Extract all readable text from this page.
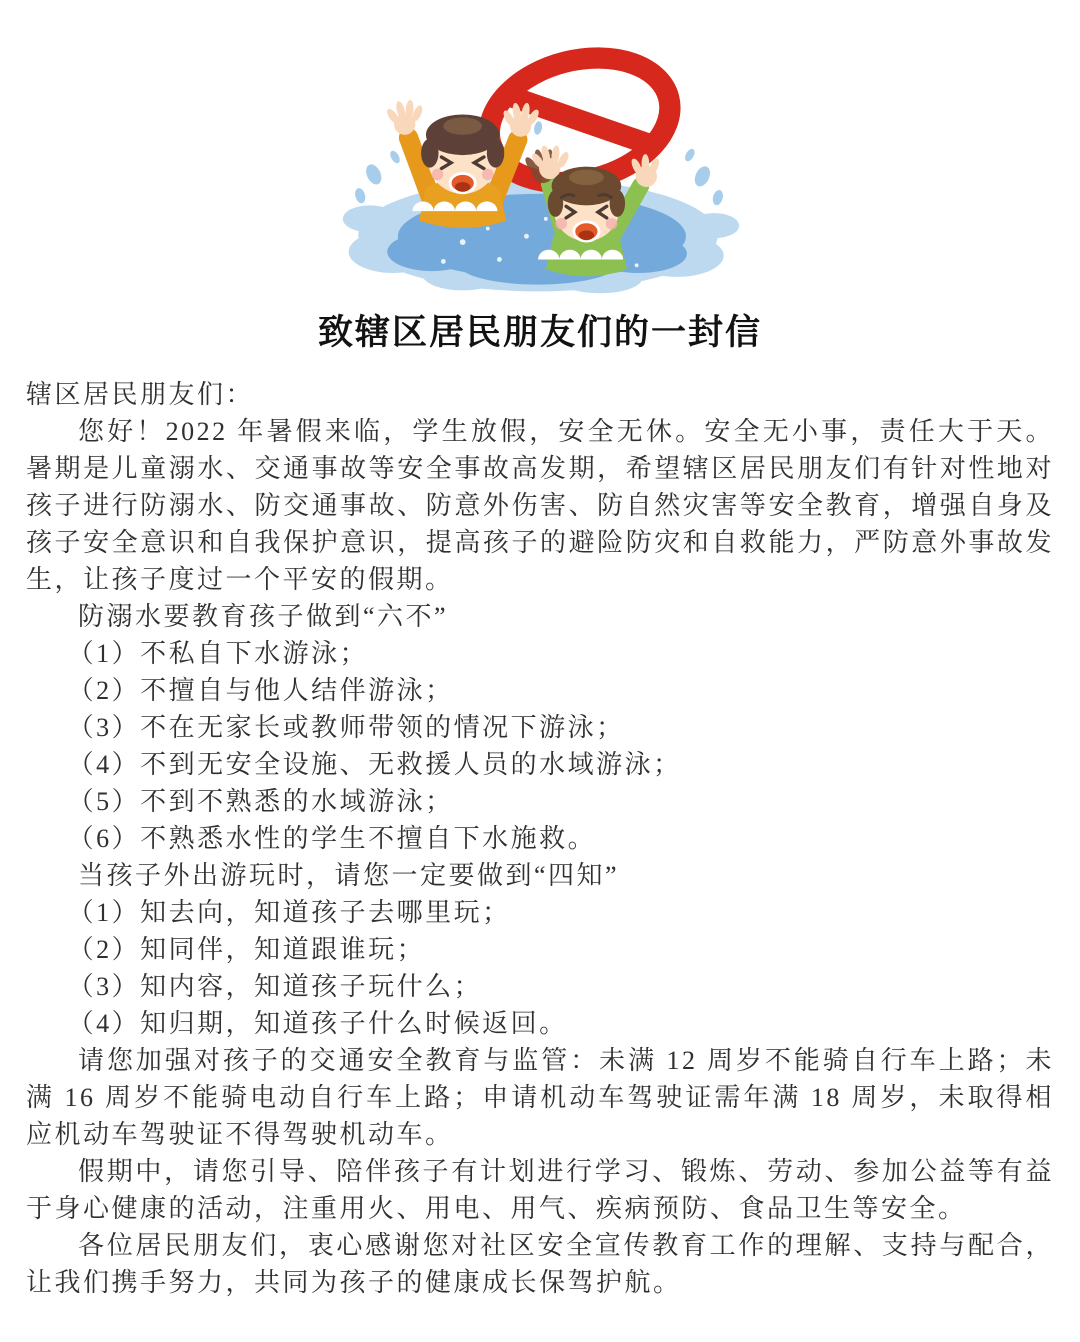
致辖区居民朋友们的一封信

辖区居民朋友们：

您好！2022 年暑假来临，学生放假，安全无休。安全无小事，责任大于天。暑期是儿童溺水、交通事故等安全事故高发期，希望辖区居民朋友们有针对性地对孩子进行防溺水、防交通事故、防意外伤害、防自然灾害等安全教育，增强自身及孩子安全意识和自我保护意识，提高孩子的避险防灾和自救能力，严防意外事故发生，让孩子度过一个平安的假期。

防溺水要教育孩子做到“六不”

（1）不私自下水游泳；

（2）不擅自与他人结伴游泳；

（3）不在无家长或教师带领的情况下游泳；

（4）不到无安全设施、无救援人员的水域游泳；

（5）不到不熟悉的水域游泳；

（6）不熟悉水性的学生不擅自下水施救。

当孩子外出游玩时，请您一定要做到“四知”

（1）知去向，知道孩子去哪里玩；

（2）知同伴，知道跟谁玩；

（3）知内容，知道孩子玩什么；

（4）知归期，知道孩子什么时候返回。

请您加强对孩子的交通安全教育与监管：未满 12 周岁不能骑自行车上路；未满 16 周岁不能骑电动自行车上路；申请机动车驾驶证需年满 18 周岁，未取得相应机动车驾驶证不得驾驶机动车。

假期中，请您引导、陪伴孩子有计划进行学习、锻炼、劳动、参加公益等有益于身心健康的活动，注重用火、用电、用气、疾病预防、食品卫生等安全。

各位居民朋友们，衷心感谢您对社区安全宣传教育工作的理解、支持与配合，让我们携手努力，共同为孩子的健康成长保驾护航。
